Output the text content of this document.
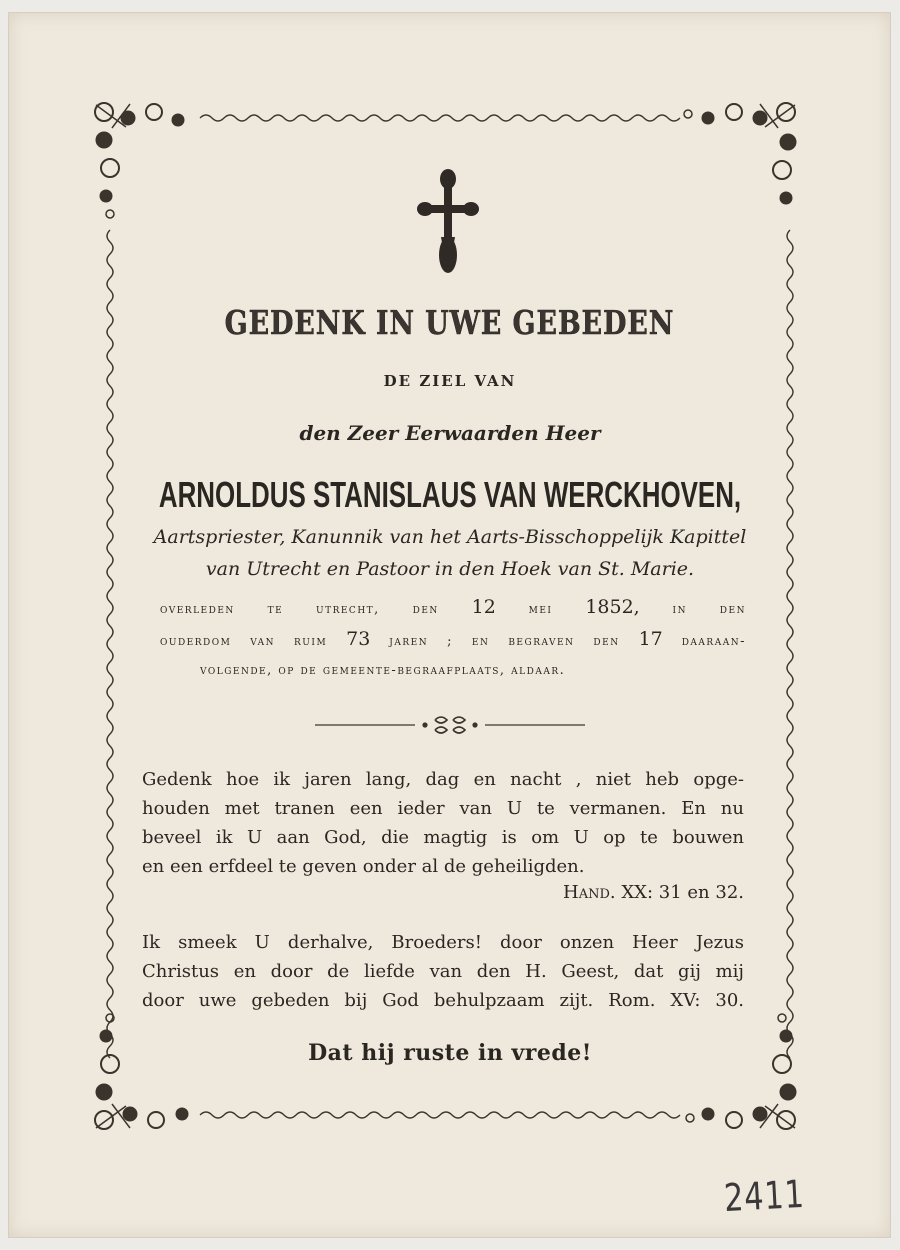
GEDENK IN UWE GEBEDEN
DE ZIEL VAN
den Zeer Eerwaarden Heer
ARNOLDUS STANISLAUS VAN WERCKHOVEN,
Aartspriester, Kanunnik van het Aarts-Bisschoppelijk Kapittel
van Utrecht en Pastoor in den Hoek van St. Marie.
overleden te utrecht, den 12	mei 1852,	in den
ouderdom van ruim 73 jaren ; en begraven den 17 daaraan-
volgende, op de gemeente-begraafplaats, aldaar.
Gedenk hoe ik jaren lang, dag en nacht , niet heb opge-
houden met tranen een ieder van U te vermanen. En nu
beveel ik U aan God, die magtig is om U op te bouwen
en een erfdeel te geven onder al de geheiligden.
Hand. XX: 31 en 32.
Ik smeek U derhalve, Broeders! door onzen Heer Jezus
Christus en door de liefde van den H. Geest, dat gij mij
door uwe gebeden bij God behulpzaam zijt. Rom. XV: 30.
Dat hij ruste in vrede!
2411
